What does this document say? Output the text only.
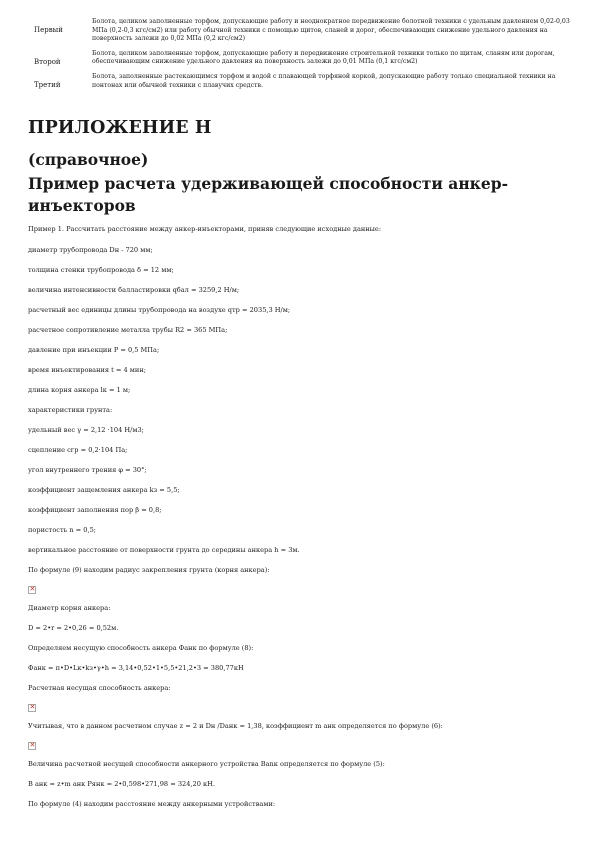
Первый	Болота, целиком заполненные торфом, допускающие работу и неоднократное передвижение болотной техники с удельным давлением 0,02-0,03 МПа (0,2-0,3 кгс/см2) или работу обычной техники с помощью щитов, сланей и дорог, обеспечивающих снижение удельного давления на поверхность залежи до 0,02 МПа (0,2 кгс/см2)
Второй	Болота, целиком заполненные торфом, допускающие работу и передвижение строительной техники только по щитам, сланям или дорогам, обеспечивающим снижение удельного давления на поверхность залежи до 0,01 МПа (0,1 кгс/см2)
Третий	Болота, заполненные растекающимся торфом и водой с плавающей торфяной коркой, допускающие работу только специальной техники на понтонах или обычной техники с плавучих средств.
ПРИЛОЖЕНИЕ Н
(справочное)
Пример расчета удерживающей способности анкер-инъекторов
Пример 1. Рассчитать расстояние между анкер-инъекторами, приняв следующие исходные данные:
диаметр трубопровода Dн - 720 мм;
толщина стенки трубопровода δ = 12 мм;
величина интенсивности балластировки qбал = 3259,2 Н/м;
расчетный вес единицы длины трубопровода на воздухе qтр = 2035,3 Н/м;
расчетное сопротивление металла трубы R2 = 365 МПа;
давление при инъекции P = 0,5 МПа;
время инъектирования t = 4 мин;
длина корня анкера lк = 1 м;
характеристики грунта:
удельный вес γ = 2,12 ·104 Н/м3;
сцепление сгр = 0,2·104 Па;
угол внутреннего трения φ = 30°;
коэффициент защемления анкера kз = 5,5;
коэффициент заполнения пор β = 0,8;
пористость n = 0,5;
вертикальное расстояние от поверхности грунта до середины анкера h = 3м.
По формуле (9) находим радиус закрепления грунта (корня анкера):
✕
Диаметр корня анкера:
D = 2•r = 2•0,26 = 0,52м.
Определяем несущую способность анкера Фанк по формуле (8):
Фанк = π•D•Lк•kз•γ•h = 3,14•0,52•1•5,5•21,2•3 = 380,77кН
Расчетная несущая способность анкера:
✕
Учитывая, что в данном расчетном случае z = 2 и Dн /Dанк = 1,38, коэффициент m анк определяется по формуле (6):
✕
Величина расчетной несущей способности анкерного устройства Banк определяется по формуле (5):
B анк = z•m анк Рянк = 2•0,598•271,98 = 324,20 кН.
По формуле (4) находим расстояние между анкерными устройствами:
